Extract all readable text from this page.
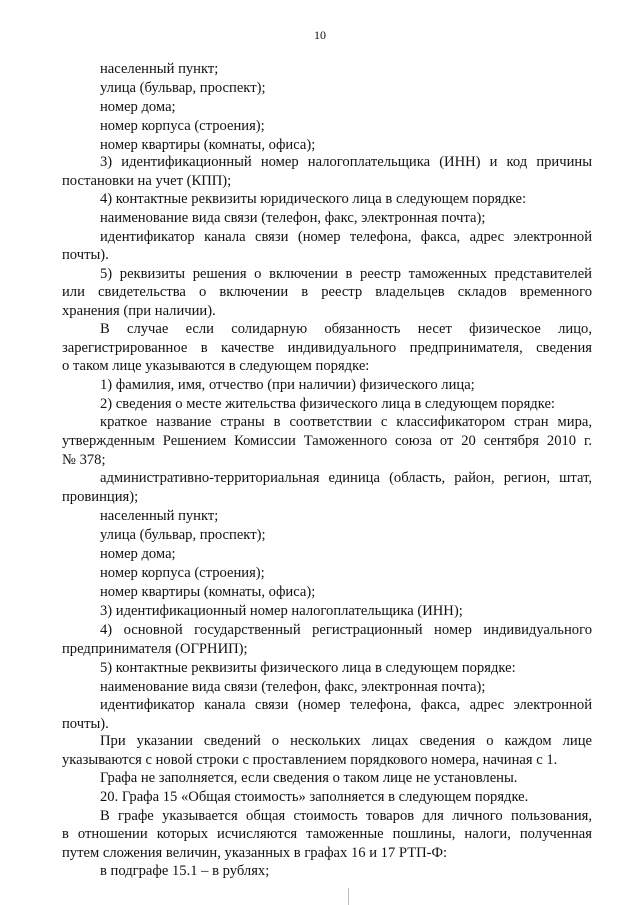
10
населенный пункт;
улица (бульвар, проспект);
номер дома;
номер корпуса (строения);
номер квартиры (комнаты, офиса);
3) идентификационный номер налогоплательщика (ИНН) и код причины
постановки на учет (КПП);
4) контактные реквизиты юридического лица в следующем порядке:
наименование вида связи (телефон, факс, электронная почта);
идентификатор канала связи (номер телефона, факса, адрес электронной
почты).
5) реквизиты решения о включении в реестр таможенных представителей
или свидетельства о включении в реестр владельцев складов временного
хранения (при наличии).
В случае если солидарную обязанность несет физическое лицо,
зарегистрированное в качестве индивидуального предпринимателя, сведения
о таком лице указываются в следующем порядке:
1) фамилия, имя, отчество (при наличии) физического лица;
2) сведения о месте жительства физического лица в следующем порядке:
краткое название страны в соответствии с классификатором стран мира,
утвержденным Решением Комиссии Таможенного союза от 20 сентября 2010 г.
№ 378;
административно-территориальная единица (область, район, регион, штат,
провинция);
населенный пункт;
улица (бульвар, проспект);
номер дома;
номер корпуса (строения);
номер квартиры (комнаты, офиса);
3) идентификационный номер налогоплательщика (ИНН);
4) основной государственный регистрационный номер индивидуального
предпринимателя (ОГРНИП);
5) контактные реквизиты физического лица в следующем порядке:
наименование вида связи (телефон, факс, электронная почта);
идентификатор канала связи (номер телефона, факса, адрес электронной
почты).
При указании сведений о нескольких лицах сведения о каждом лице
указываются с новой строки с проставлением порядкового номера, начиная с 1.
Графа не заполняется, если сведения о таком лице не установлены.
20. Графа 15 «Общая стоимость» заполняется в следующем порядке.
В графе указывается общая стоимость товаров для личного пользования,
в отношении которых исчисляются таможенные пошлины, налоги, полученная
путем сложения величин, указанных в графах 16 и 17 РТП-Ф:
в подграфе 15.1 – в рублях;
